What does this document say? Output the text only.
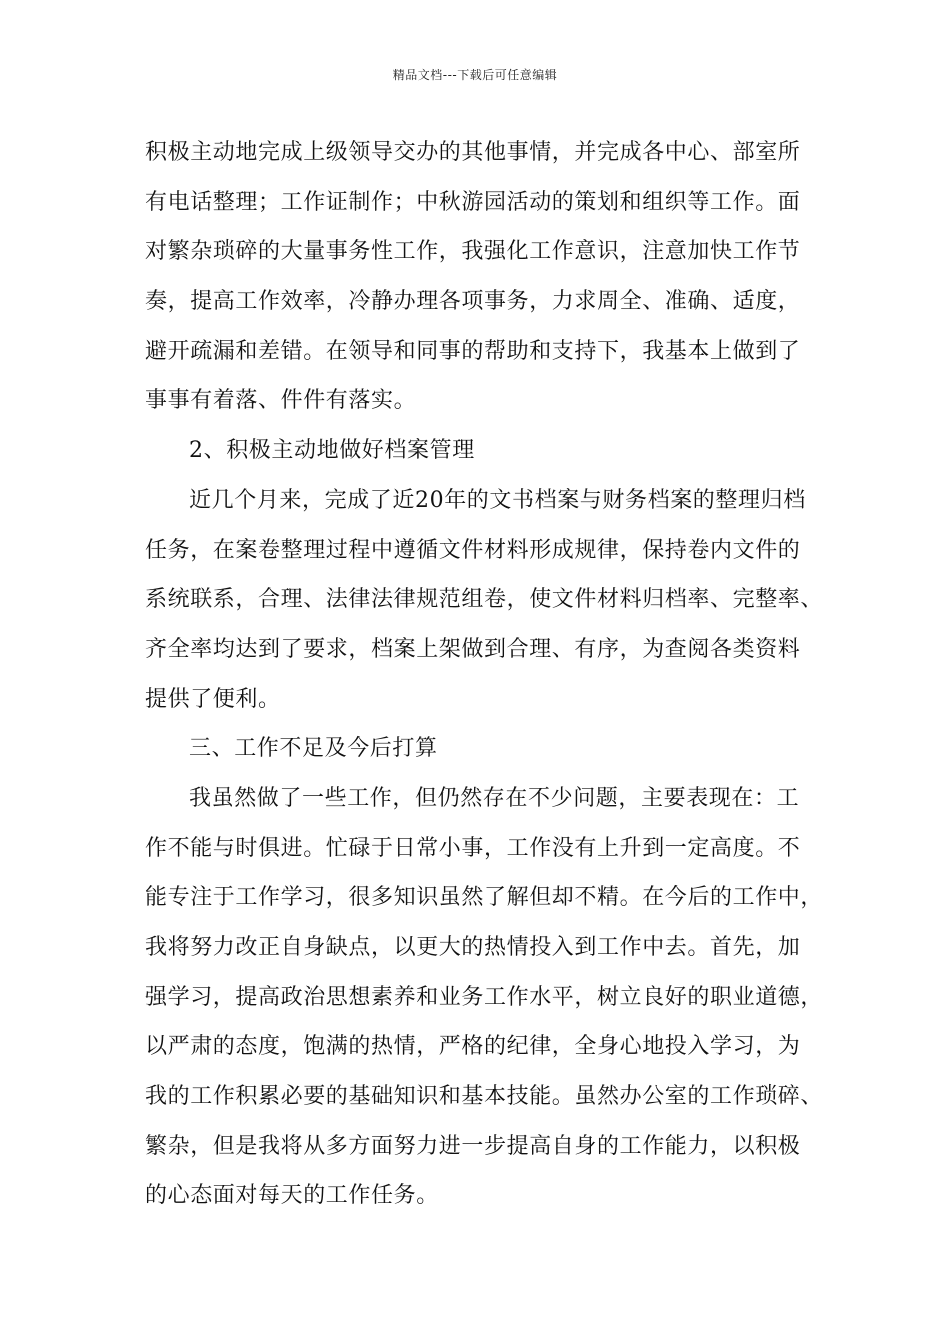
精品文档---下载后可任意编辑
积极主动地完成上级领导交办的其他事情，并完成各中心、部室所
有电话整理；工作证制作；中秋游园活动的策划和组织等工作。面
对繁杂琐碎的大量事务性工作，我强化工作意识，注意加快工作节
奏，提高工作效率，冷静办理各项事务，力求周全、准确、适度，
避开疏漏和差错。在领导和同事的帮助和支持下，我基本上做到了
事事有着落、件件有落实。
2、积极主动地做好档案管理
近几个月来，完成了近20年的文书档案与财务档案的整理归档
任务，在案卷整理过程中遵循文件材料形成规律，保持卷内文件的
系统联系，合理、法律法律规范组卷，使文件材料归档率、完整率、
齐全率均达到了要求，档案上架做到合理、有序，为查阅各类资料
提供了便利。
三、工作不足及今后打算
我虽然做了一些工作，但仍然存在不少问题，主要表现在：工
作不能与时俱进。忙碌于日常小事，工作没有上升到一定高度。不
能专注于工作学习，很多知识虽然了解但却不精。在今后的工作中，
我将努力改正自身缺点，以更大的热情投入到工作中去。首先，加
强学习，提高政治思想素养和业务工作水平，树立良好的职业道德，
以严肃的态度，饱满的热情，严格的纪律，全身心地投入学习，为
我的工作积累必要的基础知识和基本技能。虽然办公室的工作琐碎、
繁杂，但是我将从多方面努力进一步提高自身的工作能力，以积极
的心态面对每天的工作任务。
